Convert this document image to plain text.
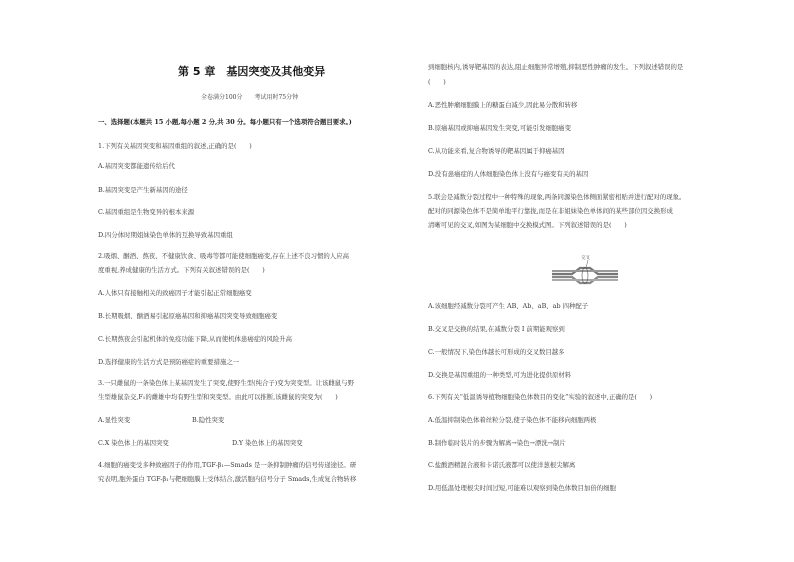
第 5 章　基因突变及其他变异
全卷满分100分　　考试用时75分钟
一、选择题(本题共 15 小题,每小题 2 分,共 30 分。每小题只有一个选项符合题目要求。)
1.下列有关基因突变和基因重组的叙述,正确的是(　　)
A.基因突变都能遗传给后代
B.基因突变是产生新基因的途径
C.基因重组是生物变异的根本来源
D.四分体时期姐妹染色单体的互换导致基因重组
2.吸烟、酗酒、熬夜、不健康饮食、吸毒等都可能使细胞癌变,存在上述不良习惯的人应高
度重视,养成健康的生活方式。下列有关叙述错误的是(　　)
A.人体只有接触相关的致癌因子才能引起正常细胞癌变
B.长期吸烟、酗酒易引起原癌基因和抑癌基因突变导致细胞癌变
C.长期熬夜会引起机体的免疫功能下降,从而使机体患癌症的风险升高
D.选择健康的生活方式是预防癌症的重要措施之一
3.一只雌鼠的一条染色体上某基因发生了突变,使野生型(纯合子)变为突变型。让该雌鼠与野
生型雄鼠杂交,F₁的雌雄中均有野生型和突变型。由此可以推断,该雌鼠的突变为(　　)
A.显性突变	B.隐性突变
C.X 染色体上的基因突变	D.Y 染色体上的基因突变
4.细胞的癌变受多种致癌因子的作用,TGF-β₁—Smads 是一条抑制肿瘤的信号传递途径。研
究表明,胞外蛋白 TGF-β₁与靶细胞膜上受体结合,激活胞内信号分子 Smads,生成复合物转移
到细胞核内,诱导靶基因的表达,阻止细胞异常增殖,抑制恶性肿瘤的发生。下列叙述错误的是
(　　)
A.恶性肿瘤细胞膜上的糖蛋白减少,因此易分散和转移
B.原癌基因或抑癌基因发生突变,可能引发细胞癌变
C.从功能来看,复合物诱导的靶基因属于抑癌基因
D.没有患癌症的人体细胞染色体上没有与癌变有关的基因
5.联会是减数分裂过程中一种特殊的现象,两条同源染色体侧面紧密相贴并进行配对的现象。
配对的同源染色体不是简单地平行靠拢,而是在非姐妹染色单体间的某些部位因交换形成
清晰可见的交叉,如图为某细胞中交换模式图。下列叙述错误的是(　　)
交叉
A.该细胞经减数分裂可产生 AB、Ab、aB、ab 四种配子
B.交叉是交换的结果,在减数分裂 Ⅰ 前期能观察到
C.一般情况下,染色体越长可形成的交叉数目越多
D.交换是基因重组的一种类型,可为进化提供原材料
6.下列有关“低温诱导植物细胞染色体数目的变化”实验的叙述中,正确的是(　　)
A.低温抑制染色体着丝粒分裂,使子染色体不能移向细胞两极
B.制作临时装片的步骤为解离→染色→漂洗→制片
C.盐酸酒精混合液和卡诺氏液都可以使洋葱根尖解离
D.用低温处理根尖时间过短,可能难以观察到染色体数目加倍的细胞
